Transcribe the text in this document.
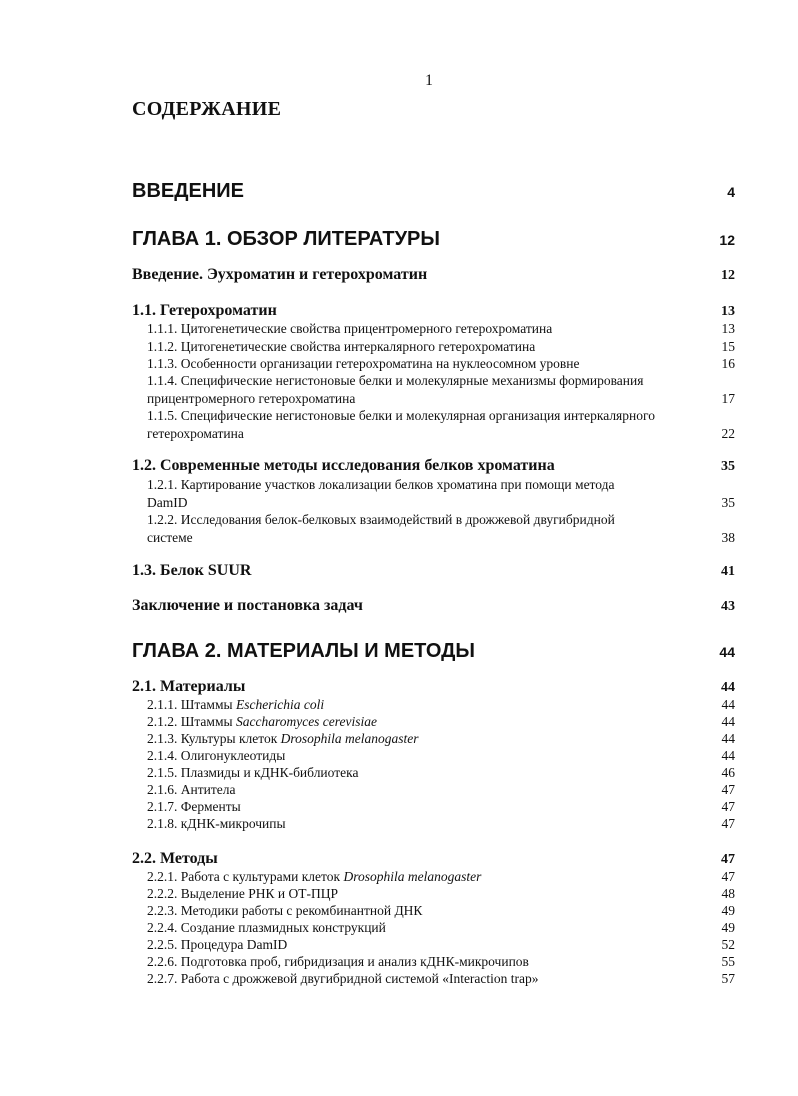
1
СОДЕРЖАНИЕ
ВВЕДЕНИЕ	4
ГЛАВА 1. ОБЗОР ЛИТЕРАТУРЫ	12
Введение. Эухроматин и гетерохроматин	12
1.1. Гетерохроматин	13
1.1.1. Цитогенетические свойства прицентромерного гетерохроматина	13
1.1.2. Цитогенетические свойства интеркалярного гетерохроматина	15
1.1.3. Особенности организации гетерохроматина на нуклеосомном уровне	16
1.1.4. Специфические негистоновые белки и молекулярные механизмы формирования
прицентромерного гетерохроматина	17
1.1.5. Специфические негистоновые белки и молекулярная организация интеркалярного
гетерохроматина	22
1.2. Современные методы исследования белков хроматина	35
1.2.1. Картирование участков локализации белков хроматина при помощи метода
DamID	35
1.2.2. Исследования белок-белковых взаимодействий в дрожжевой двугибридной
системе	38
1.3. Белок SUUR	41
Заключение и постановка задач	43
ГЛАВА 2. МАТЕРИАЛЫ И МЕТОДЫ	44
2.1. Материалы	44
2.1.1. Штаммы Escherichia coli	44
2.1.2. Штаммы Saccharomyces cerevisiae	44
2.1.3. Культуры клеток Drosophila melanogaster	44
2.1.4. Олигонуклеотиды	44
2.1.5. Плазмиды и кДНК-библиотека	46
2.1.6. Антитела	47
2.1.7. Ферменты	47
2.1.8. кДНК-микрочипы	47
2.2. Методы	47
2.2.1. Работа с культурами клеток Drosophila melanogaster	47
2.2.2. Выделение РНК и ОТ-ПЦР	48
2.2.3. Методики работы с рекомбинантной ДНК	49
2.2.4. Создание плазмидных конструкций	49
2.2.5. Процедура DamID	52
2.2.6. Подготовка проб, гибридизация и анализ кДНК-микрочипов	55
2.2.7. Работа с дрожжевой двугибридной системой «Interaction trap»	57
